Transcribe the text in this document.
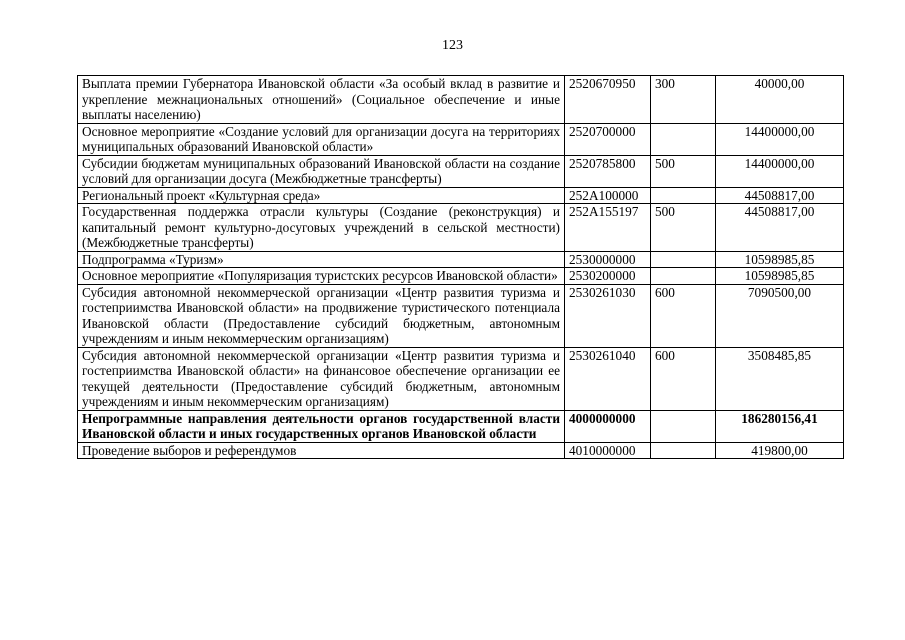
123
Выплата премии Губернатора Ивановской области «За особый вклад в развитие и укрепление межнациональных отношений» (Социальное обеспечение и иные выплаты населению)	2520670950	300	40000,00
Основное мероприятие «Создание условий для организации досуга на территориях муниципальных образований Ивановской области»	2520700000		14400000,00
Субсидии бюджетам муниципальных образований Ивановской области на создание условий для организации досуга (Межбюджетные трансферты)	2520785800	500	14400000,00
Региональный проект «Культурная среда»	252А100000		44508817,00
Государственная поддержка отрасли культуры (Создание (реконструкция) и капитальный ремонт культурно-досуговых учреждений в сельской местности) (Межбюджетные трансферты)	252А155197	500	44508817,00
Подпрограмма «Туризм»	2530000000		10598985,85
Основное мероприятие «Популяризация туристских ресурсов Ивановской области»	2530200000		10598985,85
Субсидия автономной некоммерческой организации «Центр развития туризма и гостеприимства Ивановской области» на продвижение туристического потенциала Ивановской области (Предоставление субсидий бюджетным, автономным учреждениям и иным некоммерческим организациям)	2530261030	600	7090500,00
Субсидия автономной некоммерческой организации «Центр развития туризма и гостеприимства Ивановской области» на финансовое обеспечение организации ее текущей деятельности (Предоставление субсидий бюджетным, автономным учреждениям и иным некоммерческим организациям)	2530261040	600	3508485,85
Непрограммные направления деятельности органов государственной власти Ивановской области и иных государственных органов Ивановской области	4000000000		186280156,41
Проведение выборов и референдумов	4010000000		419800,00
